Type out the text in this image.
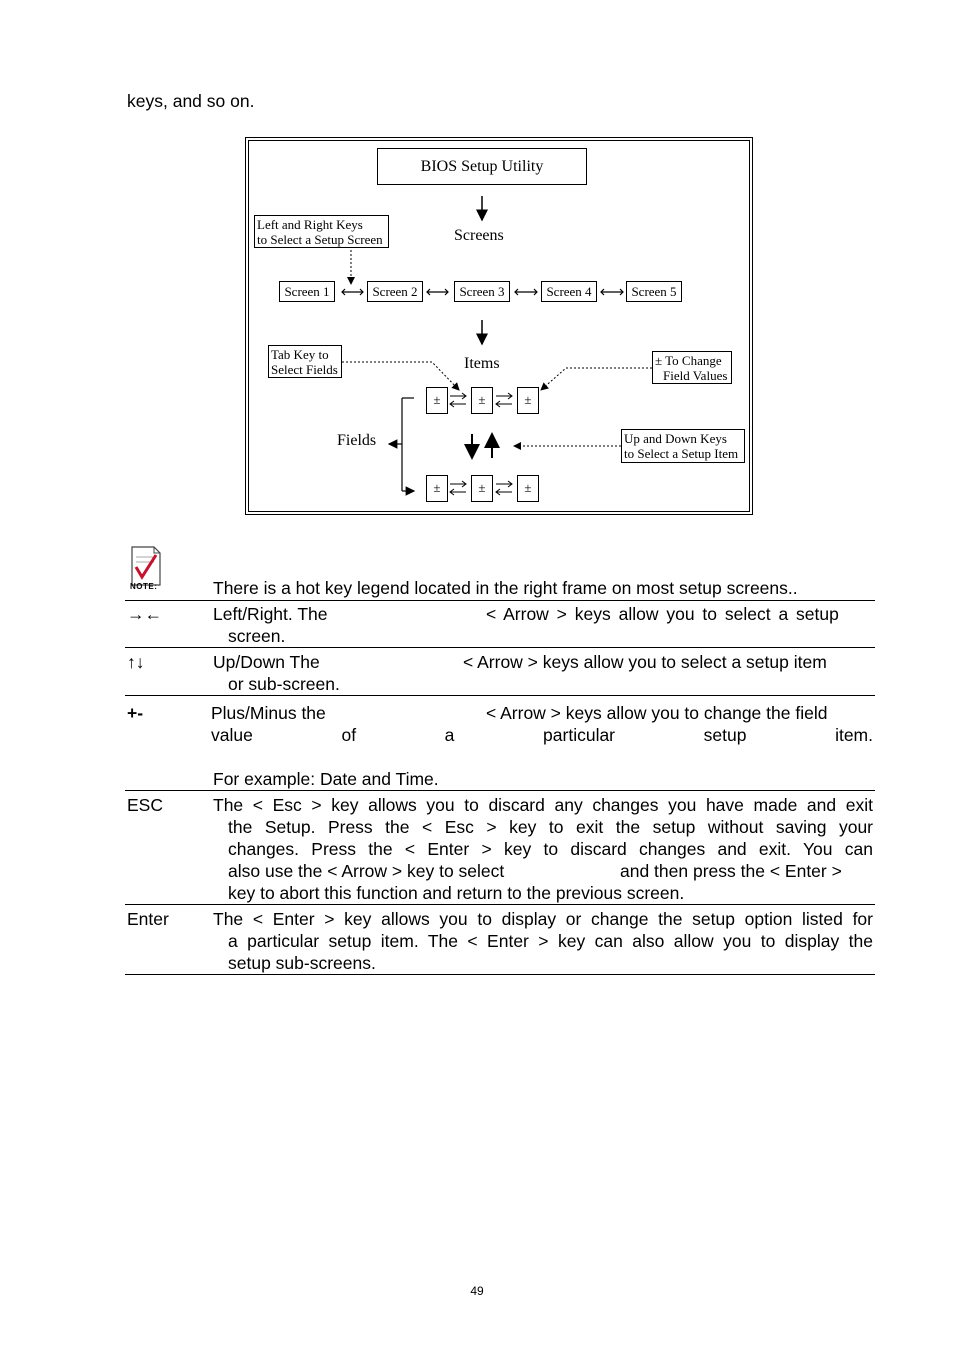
keys, and so on.
BIOS Setup Utility
Screens
Left and Right Keys
to Select a Setup Screen
Screen 1	Screen 2	Screen 3	Screen 4	Screen 5
Tab Key to
Select Fields	Items	± To Change
Field Values
±	±	±
Fields	Up and Down Keys
to Select a Setup Item
±	±	±
NOTE:	There is a hot key legend located in the right frame on most setup screens..
→←	Left/Right. The	< Arrow > keys allow you to select a setup
screen.
↑↓	Up/Down The	< Arrow > keys allow you to select a setup item
or sub-screen.
+-	Plus/Minus the	< Arrow > keys allow you to change the field
value of a particular setup item.
For example: Date and Time.
ESC	The < Esc > key allows you to discard any changes you have made and exit
the Setup. Press the < Esc > key to exit the setup without saving your
changes. Press the < Enter > key to discard changes and exit. You can
also use the < Arrow > key to select	and then press the < Enter >
key to abort this function and return to the previous screen.
Enter	The < Enter > key allows you to display or change the setup option listed for
a particular setup item. The < Enter > key can also allow you to display the
setup sub-screens.
49
